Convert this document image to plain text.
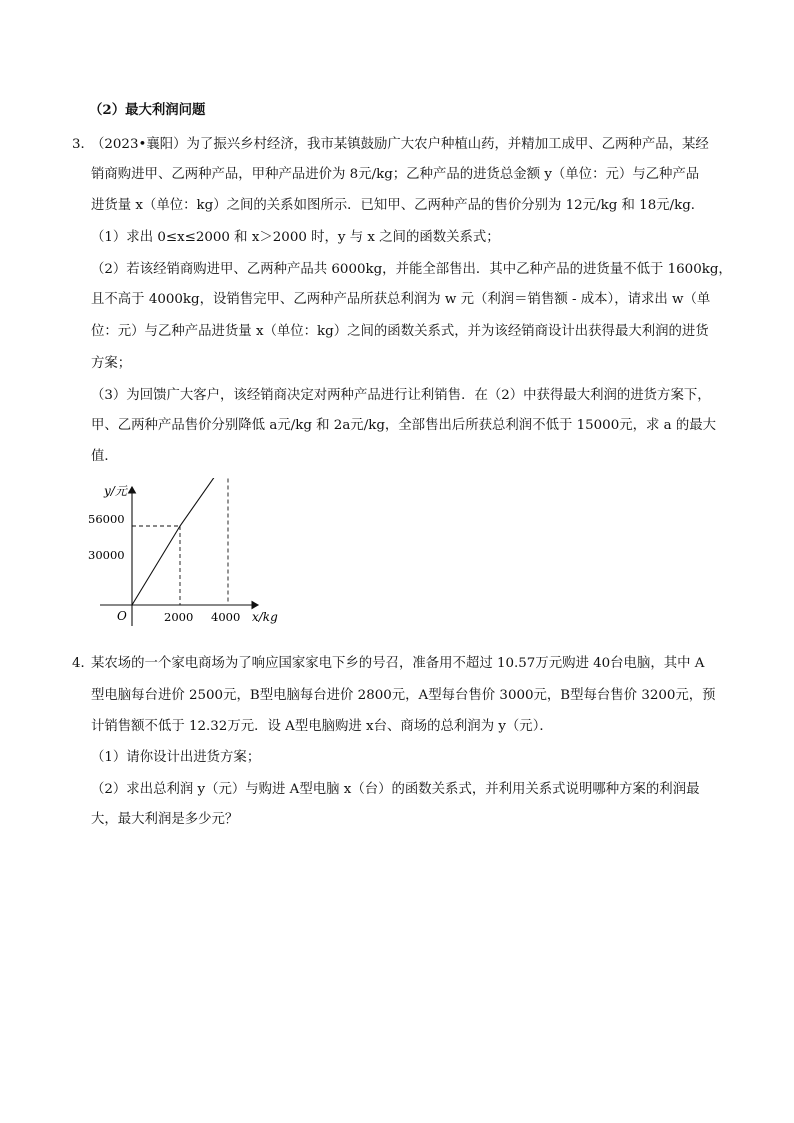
（2）最大利润问题
3．
（2023•襄阳）为了振兴乡村经济，我市某镇鼓励广大农户种植山药，并精加工成甲、乙两种产品，某经
销商购进甲、乙两种产品，甲种产品进价为 8元/kg；乙种产品的进货总金额 y（单位：元）与乙种产品
进货量 x（单位：kg）之间的关系如图所示．已知甲、乙两种产品的售价分别为 12元/kg 和 18元/kg．
（1）求出 0≤x≤2000 和 x＞2000 时，y 与 x 之间的函数关系式；
（2）若该经销商购进甲、乙两种产品共 6000kg，并能全部售出．其中乙种产品的进货量不低于 1600kg，
且不高于 4000kg，设销售完甲、乙两种产品所获总利润为 w 元（利润＝销售额 - 成本），请求出 w（单
位：元）与乙种产品进货量 x（单位：kg）之间的函数关系式，并为该经销商设计出获得最大利润的进货
方案；
（3）为回馈广大客户，该经销商决定对两种产品进行让利销售．在（2）中获得最大利润的进货方案下，
甲、乙两种产品售价分别降低 a元/kg 和 2a元/kg，全部售出后所获总利润不低于 15000元，求 a 的最大
值．
y/元
x/kg
O
56000
30000
2000 4000
4．
某农场的一个家电商场为了响应国家家电下乡的号召，准备用不超过 10.57万元购进 40台电脑，其中 A
型电脑每台进价 2500元，B型电脑每台进价 2800元，A型每台售价 3000元，B型每台售价 3200元，预
计销售额不低于 12.32万元．设 A型电脑购进 x台、商场的总利润为 y（元）．
（1）请你设计出进货方案；
（2）求出总利润 y（元）与购进 A型电脑 x（台）的函数关系式，并利用关系式说明哪种方案的利润最
大，最大利润是多少元？
